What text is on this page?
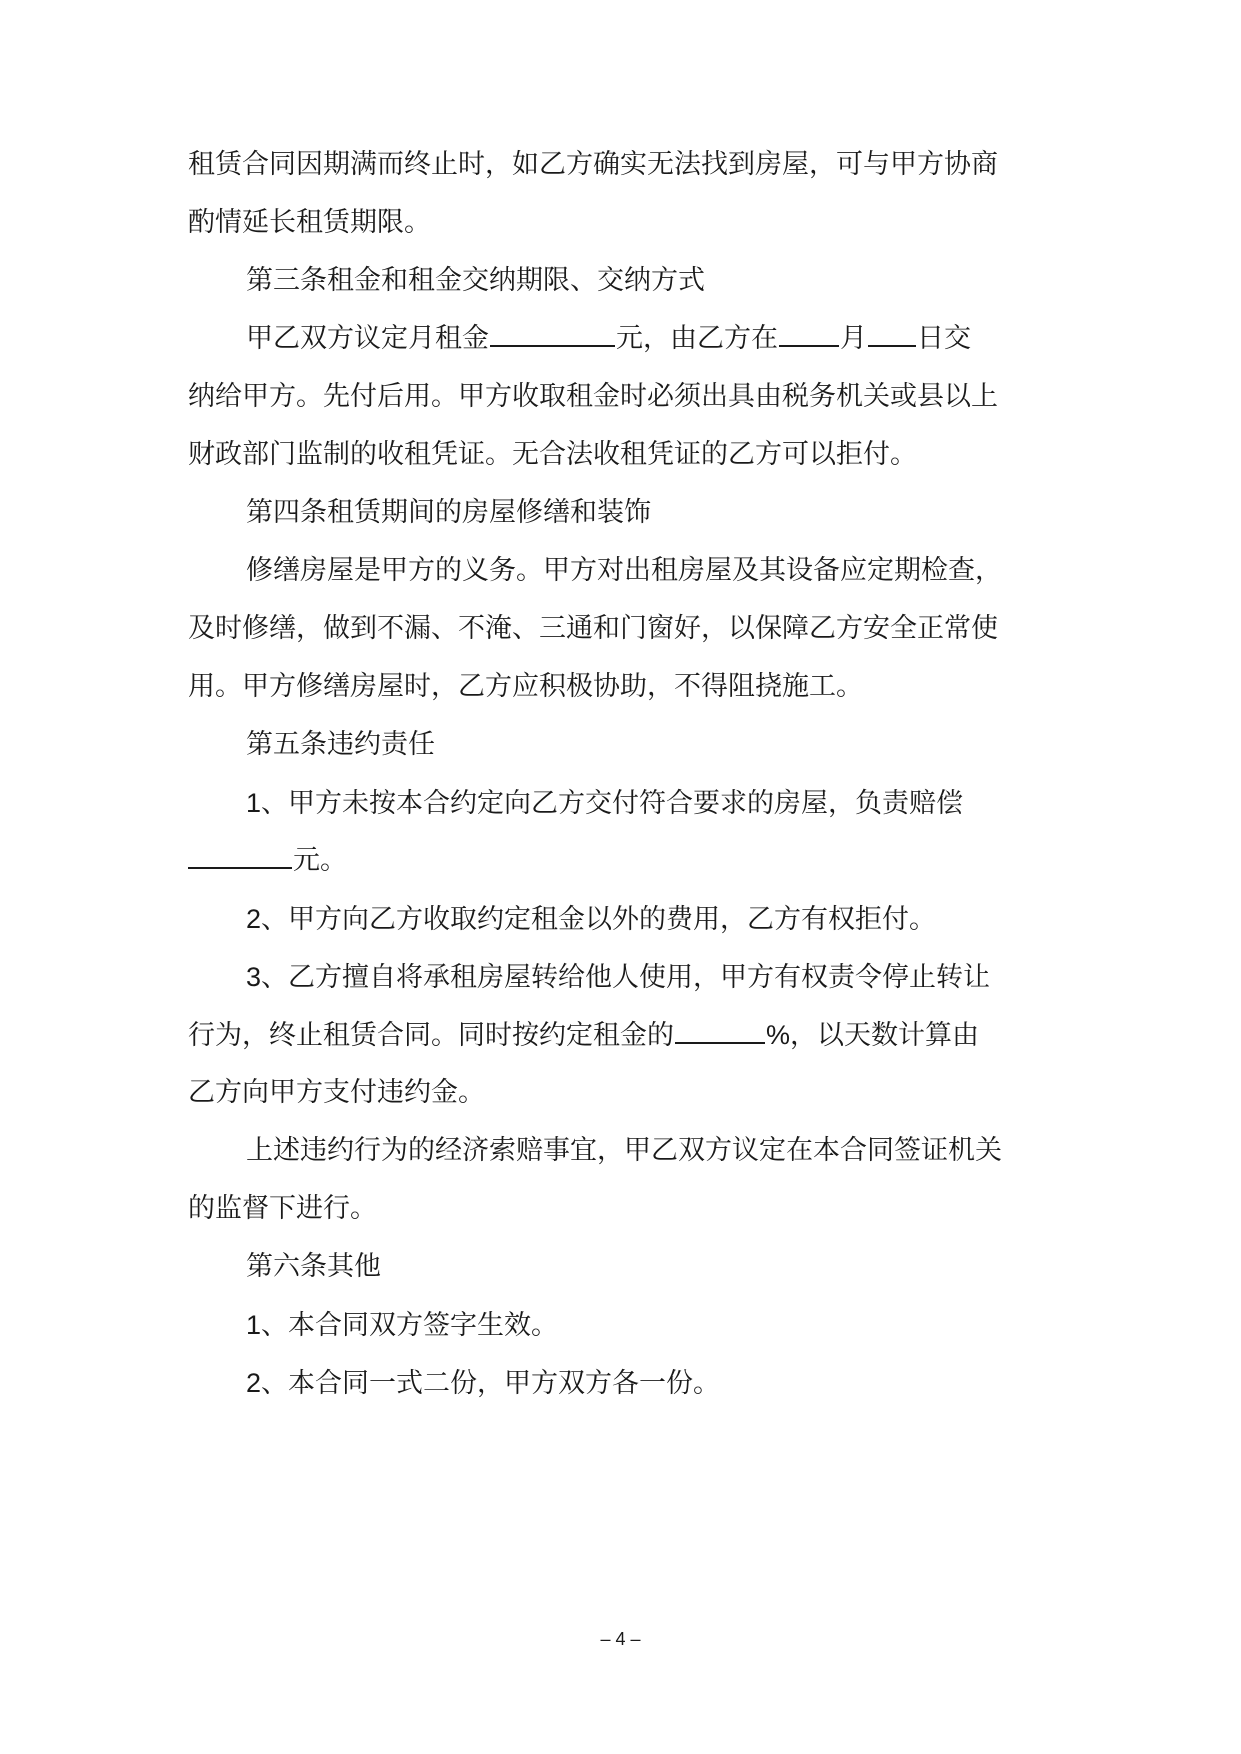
租赁合同因期满而终止时，如乙方确实无法找到房屋，可与甲方协商

酌情延长租赁期限。

第三条租金和租金交纳期限、交纳方式

甲乙双方议定月租金	元，由乙方在 月 日交

纳给甲方。先付后用。甲方收取租金时必须出具由税务机关或县以上

财政部门监制的收租凭证。无合法收租凭证的乙方可以拒付。

第四条租赁期间的房屋修缮和装饰

修缮房屋是甲方的义务。甲方对出租房屋及其设备应定期检查，

及时修缮，做到不漏、不淹、三通和门窗好，以保障乙方安全正常使

用。甲方修缮房屋时，乙方应积极协助，不得阻挠施工。

第五条违约责任

1、甲方未按本合约定向乙方交付符合要求的房屋，负责赔偿

元。

2、甲方向乙方收取约定租金以外的费用，乙方有权拒付。

3、乙方擅自将承租房屋转给他人使用，甲方有权责令停止转让

行为，终止租赁合同。同时按约定租金的	%，以天数计算由

乙方向甲方支付违约金。

上述违约行为的经济索赔事宜，甲乙双方议定在本合同签证机关

的监督下进行。

第六条其他

1、本合同双方签字生效。

2、本合同一式二份，甲方双方各一份。

– 4 –
